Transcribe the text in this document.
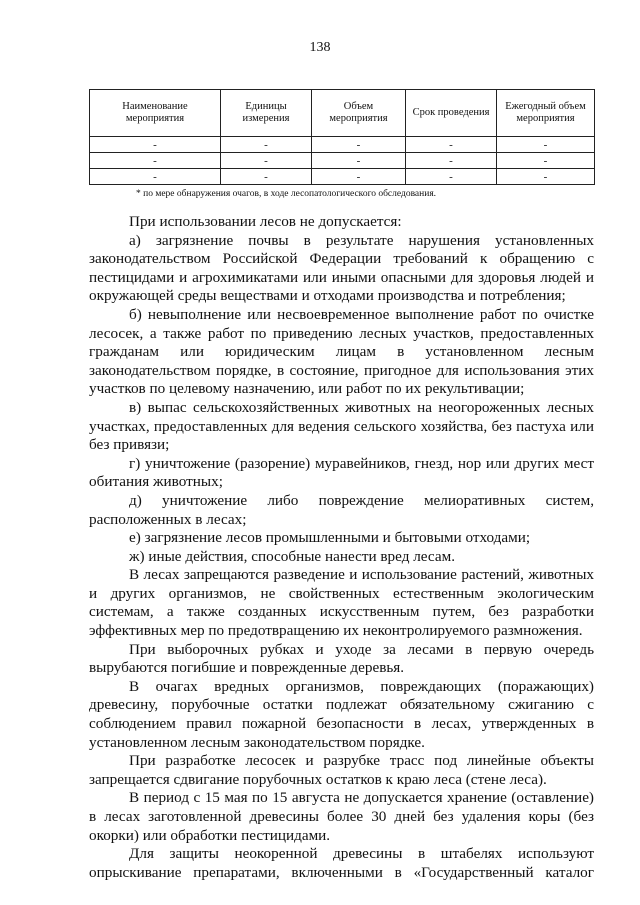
138
Наименование мероприятия	Единицы измерения	Объем мероприятия	Срок проведения	Ежегодный объем мероприятия
-	-	-	-	-
-	-	-	-	-
-	-	-	-	-
* по мере обнаружения очагов, в ходе лесопатологического обследования.

При использовании лесов не допускается:

а) загрязнение почвы в результате нарушения установленных законодательством Российской Федерации требований к обращению с пестицидами и агрохимикатами или иными опасными для здоровья людей и окружающей среды веществами и отходами производства и потребления;

б) невыполнение или несвоевременное выполнение работ по очистке лесосек, а также работ по приведению лесных участков, предоставленных гражданам или юридическим лицам в установленном лесным законодательством порядке, в состояние, пригодное для использования этих участков по целевому назначению, или работ по их рекультивации;

в) выпас сельскохозяйственных животных на неогороженных лесных участках, предоставленных для ведения сельского хозяйства, без пастуха или без привязи;

г) уничтожение (разорение) муравейников, гнезд, нор или других мест обитания животных;

д) уничтожение либо повреждение мелиоративных систем, расположенных в лесах;

е) загрязнение лесов промышленными и бытовыми отходами;

ж) иные действия, способные нанести вред лесам.

В лесах запрещаются разведение и использование растений, животных и других организмов, не свойственных естественным экологическим системам, а также созданных искусственным путем, без разработки эффективных мер по предотвращению их неконтролируемого размножения.

При выборочных рубках и уходе за лесами в первую очередь вырубаются погибшие и поврежденные деревья.

В очагах вредных организмов, повреждающих (поражающих) древесину, порубочные остатки подлежат обязательному сжиганию с соблюдением правил пожарной безопасности в лесах, утвержденных в установленном лесным законодательством порядке.

При разработке лесосек и разрубке трасс под линейные объекты запрещается сдвигание порубочных остатков к краю леса (стене леса).

В период с 15 мая по 15 августа не допускается хранение (оставление) в лесах заготовленной древесины более 30 дней без удаления коры (без окорки) или обработки пестицидами.

Для защиты неокоренной древесины в штабелях используют опрыскивание препаратами, включенными в «Государственный каталог
